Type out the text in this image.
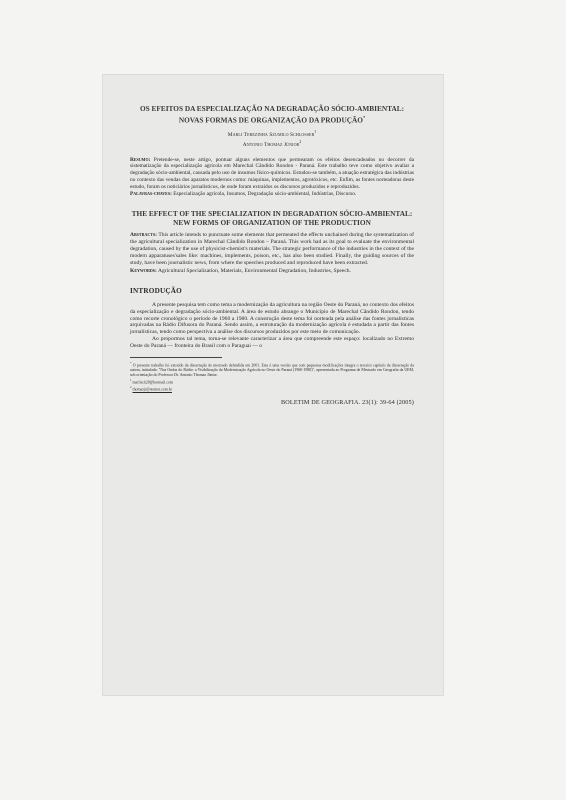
OS EFEITOS DA ESPECIALIZAÇÃO NA DEGRADAÇÃO SÓCIO-AMBIENTAL: NOVAS FORMAS DE ORGANIZAÇÃO DA PRODUÇÃO*

Marli Terezinha Szumilo Schlosser$^1$
Antonio Thomaz Júnior$^2$
Resumo: Pretende-se, neste artigo, pontuar alguns elementos que permearam os efeitos desencadeados no decorrer da sistematização da especialização agrícola em Marechal Cândido Rondon - Paraná. Este trabalho teve como objetivo avaliar a degradação sócio-ambiental, causada pelo uso de insumos físico-químicos. Estudou-se também, a atuação estratégica das indústrias no contexto das vendas dos aparatos modernos como: máquinas, implementos, agrotóxicos, etc. Enfim, as fontes norteadoras deste estudo, foram os noticiários jornalísticos, de onde foram extraídos os discursos produzidos e reproduzidos.
Palavras-chaves: Especialização agrícola, Insumos, Degradação sócio-ambiental, Indústrias, Discurso.

THE EFFECT OF THE SPECIALIZATION IN DEGRADATION SÓCIO-AMBIENTAL: NEW FORMS OF ORGANIZATION OF THE PRODUCTION

Abstracts: This article intends to punctuate some elements that permeated the effects unchained during the systematization of the agricultural specialization in Marechal Cândido Rondon – Paraná. This work had as its goal to evaluate the environmental degradation, caused by the use of physicist-chemist's materials. The strategic performance of the industries in the context of the modern apparatuses'sales like: machines, implements, poison, etc., has also been studied. Finally, the guiding sources of the study, have been journalistic news, from where the speeches produced and reproduced have been extracted.
Keywords: Agricultural Specialization, Materials, Environmental Degradation, Industries, Speech.
INTRODUÇÃO

A presente pesquisa tem como tema a modernização da agricultura na região Oeste do Paraná, no contexto dos efeitos da especialização e degradação sócio-ambiental. A área de estudo abrange o Município de Marechal Cândido Rondon, tendo como recorte cronológico o período de 1960 a 1980. A construção deste tema foi norteada pela análise das fontes jornalísticas arquivadas na Rádio Difusora do Paraná. Sendo assim, a estruturação da modernização agrícola é estudada a partir das fontes jornalísticas, tendo como perspectiva a análise dos discursos produzidos por este meio de comunicação.

Ao propormos tal tema, torna-se relevante caracterizar a área que compreende este espaço: localizado no Extremo Oeste do Paraná — fronteira do Brasil com o Paraguai — o

* O presente trabalho foi extraído da dissertação de mestrado defendida em 2001. Esta é uma versão que com pequenas modificações integra o terceiro capítulo da dissertação da autora, intitulada: "Nas Ondas do Rádio: a Visibilização da Modernização Agrícola no Oeste do Paraná (1960-1980)", apresentada ao Programa de Mestrado em Geografia da UEM, sob orientação do Professor Dr. Antonio Thomaz Júnior.
$^1$ marlisch20@hotmail.com
$^2$ thomazjr@stetnet.com.br
BOLETIM DE GEOGRAFIA. 23(1): 39-64 (2005)
